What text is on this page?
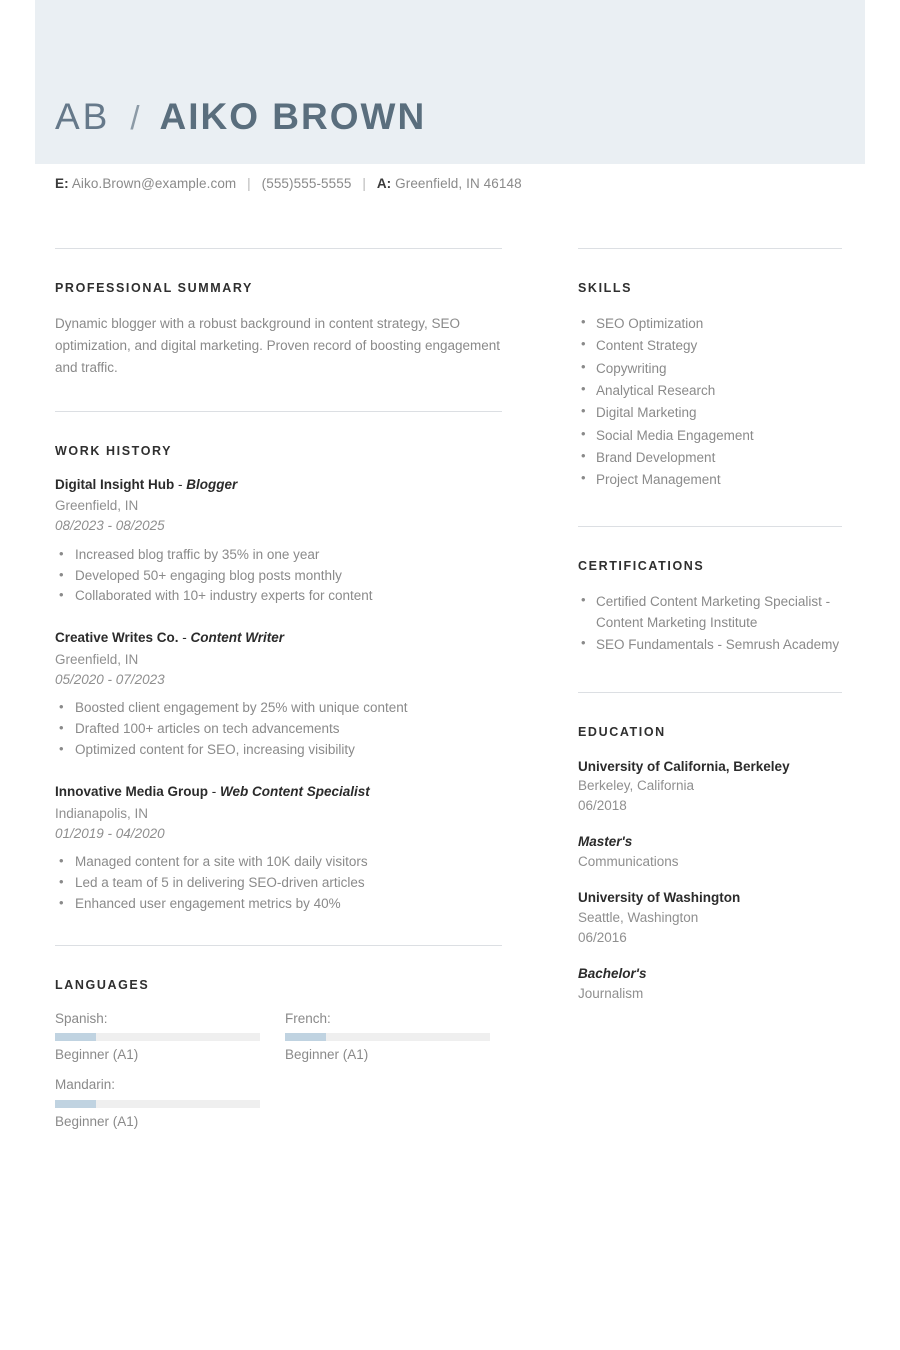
AB / AIKO BROWN
E: Aiko.Brown@example.com | (555)555-5555 | A: Greenfield, IN 46148
PROFESSIONAL SUMMARY

Dynamic blogger with a robust background in content strategy, SEO optimization, and digital marketing. Proven record of boosting engagement and traffic.

WORK HISTORY
Digital Insight Hub - Blogger
Greenfield, IN
08/2023 - 08/2025
• Increased blog traffic by 35% in one year
• Developed 50+ engaging blog posts monthly
• Collaborated with 10+ industry experts for content
Creative Writes Co. - Content Writer
Greenfield, IN
05/2020 - 07/2023
• Boosted client engagement by 25% with unique content
• Drafted 100+ articles on tech advancements
• Optimized content for SEO, increasing visibility
Innovative Media Group - Web Content Specialist
Indianapolis, IN
01/2019 - 04/2020
• Managed content for a site with 10K daily visitors
• Led a team of 5 in delivering SEO-driven articles
• Enhanced user engagement metrics by 40%
LANGUAGES
Spanish:
Beginner (A1)
French:
Beginner (A1)
Mandarin:
Beginner (A1)
SKILLS
• SEO Optimization
• Content Strategy
• Copywriting
• Analytical Research
• Digital Marketing
• Social Media Engagement
• Brand Development
• Project Management
CERTIFICATIONS
• Certified Content Marketing Specialist - Content Marketing Institute
• SEO Fundamentals - Semrush Academy
EDUCATION
University of California, Berkeley
Berkeley, California
06/2018
Master's
Communications
University of Washington
Seattle, Washington
06/2016
Bachelor's
Journalism
